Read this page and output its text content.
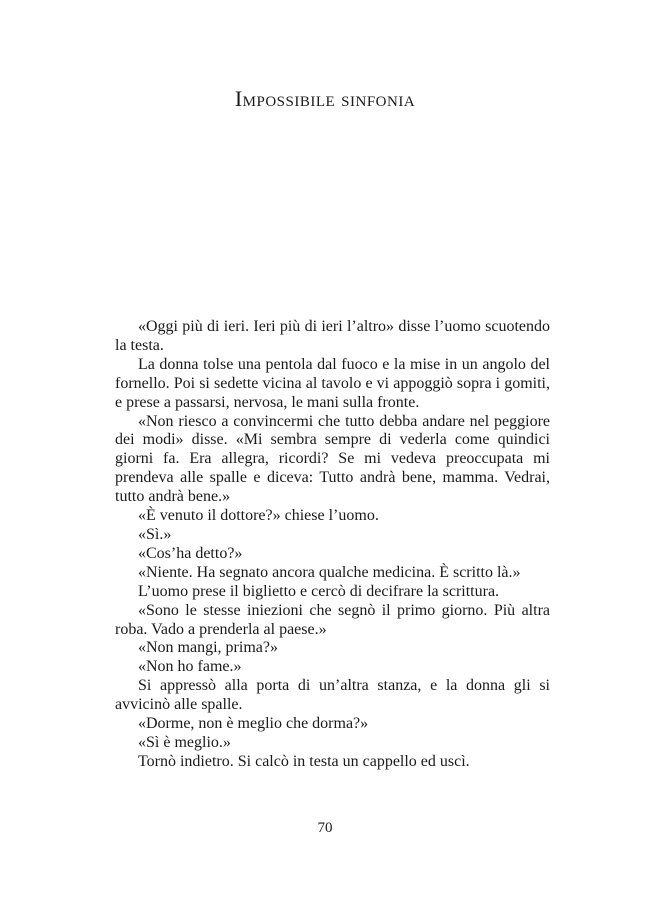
Impossibile sinfonia

«Oggi più di ieri. Ieri più di ieri l’altro» disse l’uomo scuotendo la testa.

La donna tolse una pentola dal fuoco e la mise in un angolo del fornello. Poi si sedette vicina al tavolo e vi appoggiò sopra i gomiti, e prese a passarsi, nervosa, le mani sulla fronte.

«Non riesco a convincermi che tutto debba andare nel peggiore dei modi» disse. «Mi sembra sempre di vederla come quindici giorni fa. Era allegra, ricordi? Se mi vedeva preoccupata mi prendeva alle spalle e diceva: Tutto andrà bene, mamma. Vedrai, tutto andrà bene.»

«È venuto il dottore?» chiese l’uomo.

«Sì.»

«Cos’ha detto?»

«Niente. Ha segnato ancora qualche medicina. È scritto là.»

L’uomo prese il biglietto e cercò di decifrare la scrittura.

«Sono le stesse iniezioni che segnò il primo giorno. Più altra roba. Vado a prenderla al paese.»

«Non mangi, prima?»

«Non ho fame.»

Si appressò alla porta di un’altra stanza, e la donna gli si avvicinò alle spalle.

«Dorme, non è meglio che dorma?»

«Sì è meglio.»

Tornò indietro. Si calcò in testa un cappello ed uscì.

70
